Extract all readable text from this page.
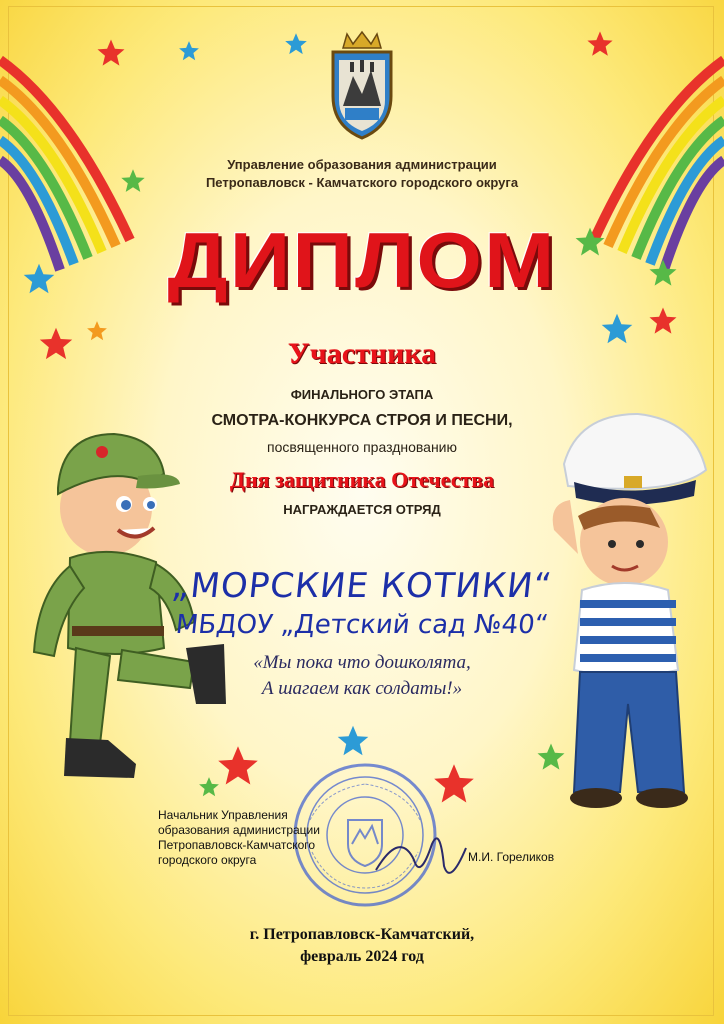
Управление образования администрации
Петропавловск - Камчатского городского округа
ДИПЛОМ
Участника
ФИНАЛЬНОГО ЭТАПА
СМОТРА-КОНКУРСА СТРОЯ И ПЕСНИ,
посвященного празднованию
Дня защитника Отечества
НАГРАЖДАЕТСЯ ОТРЯД
„МОРСКИЕ КОТИКИ“
МБДОУ „Детский сад №40“
«Мы пока что дошколята,
А шагаем как солдаты!»
Начальник Управления
образования администрации
Петропавловск-Камчатского
городского округа	М.И. Гореликов
г. Петропавловск-Камчатский,
февраль 2024 год
